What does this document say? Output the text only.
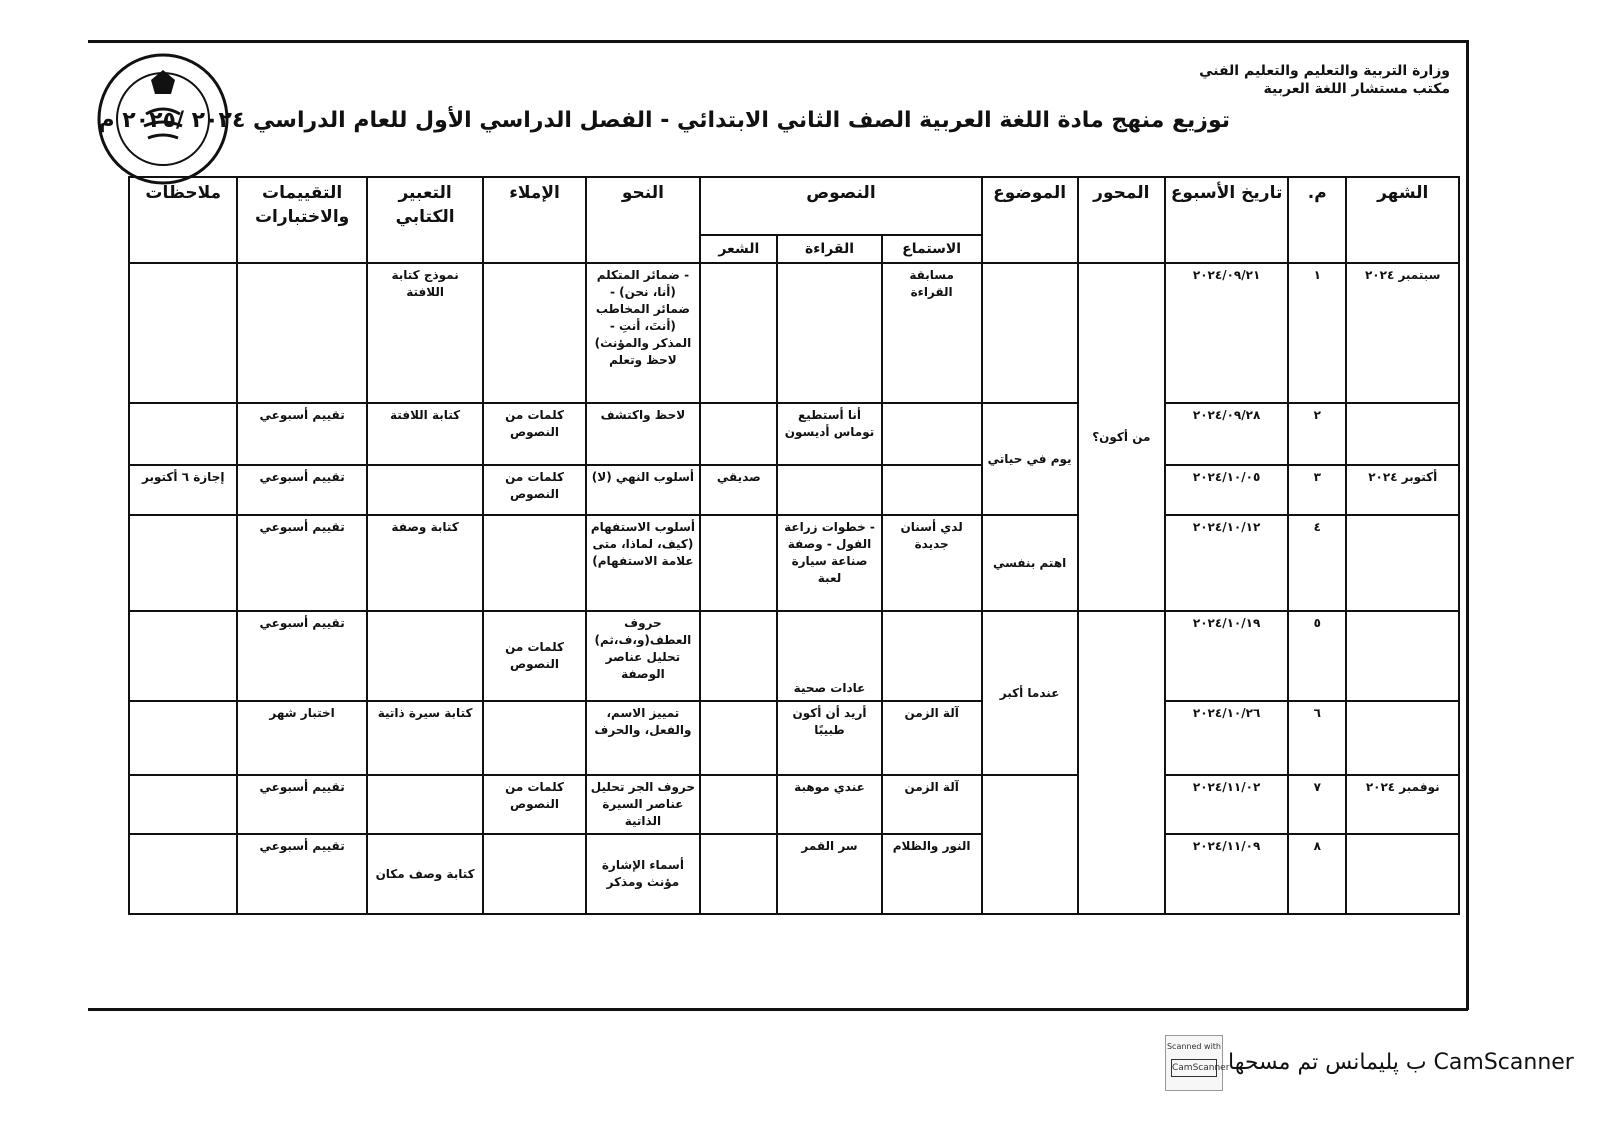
وزارة التربية والتعليم والتعليم الفني
مكتب مستشار اللغة العربية
توزيع منهج مادة اللغة العربية الصف الثاني الابتدائي - الفصل الدراسي الأول للعام الدراسي ٢٠٢٤ /٢٠٢٥ م
الشهر	م.	تاريخ الأسبوع	المحور	الموضوع	النصوص			النحو	الإملاء	التعبير الكتابي	التقييمات والاختبارات	ملاحظات
					الاستماع	القراءة	الشعر					
سبتمبر ٢٠٢٤	١	٢٠٢٤/٠٩/٢١	من أكون؟		مسابقة القراءة			- ضمائر المتكلم (أنا، نحن) - ضمائر المخاطب (أنتَ، أنتِ - المذكر والمؤنث) لاحظ وتعلم		نموذج كتابة اللافتة		
	٢	٢٠٢٤/٠٩/٢٨		يوم في حياتي		أنا أستطيع توماس أديسون		لاحظ واكتشف	كلمات من النصوص	كتابة اللافتة	تقييم أسبوعي	
أكتوبر ٢٠٢٤	٣	٢٠٢٤/١٠/٠٥					صديقي	أسلوب النهي (لا)	كلمات من النصوص		تقييم أسبوعي	إجازة ٦ أكتوبر
	٤	٢٠٢٤/١٠/١٢		اهتم بنفسي	لدي أسنان جديدة	- خطوات زراعة الفول - وصفة صناعة سيارة لعبة		أسلوب الاستفهام (كيف، لماذا، متى علامة الاستفهام)		كتابة وصفة	تقييم أسبوعي	
	٥	٢٠٢٤/١٠/١٩		عندما أكبر		عادات صحية		حروف العطف(و،ف،ثم) تحليل عناصر الوصفة	كلمات من النصوص		تقييم أسبوعي	
	٦	٢٠٢٤/١٠/٢٦			آلة الزمن	أريد أن أكون طبيبًا		تمييز الاسم، والفعل، والحرف		كتابة سيرة ذاتية	اختبار شهر	
نوفمبر ٢٠٢٤	٧	٢٠٢٤/١١/٠٢			آلة الزمن	عندي موهبة		حروف الجر تحليل عناصر السيرة الذاتية	كلمات من النصوص		تقييم أسبوعي	
	٨	٢٠٢٤/١١/٠٩			النور والظلام	سر القمر		أسماء الإشارة مؤنث ومذكر		كتابة وصف مكان	تقييم أسبوعي	
Scanned with
CamScanner
ب پليمانس تم مسحها CamScanner
